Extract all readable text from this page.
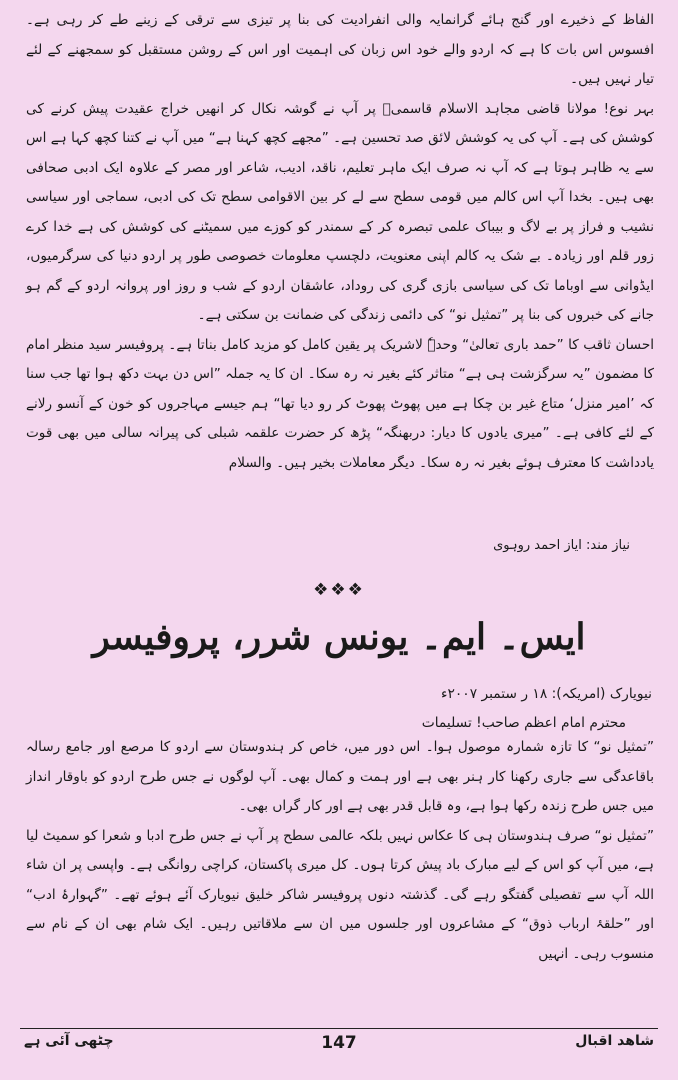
الفاظ کے ذخیرے اور گنج ہائے گرانمایہ والی انفرادیت کی بنا پر تیزی سے ترقی کے زینے طے کر رہی ہے۔ افسوس اس بات کا ہے کہ اردو والے خود اس زبان کی اہمیت اور اس کے روشن مستقبل کو سمجھنے کے لئے تیار نہیں ہیں۔

بہر نوع! مولانا قاضی مجاہد الاسلام قاسمیؒ پر آپ نے گوشہ نکال کر انھیں خراج عقیدت پیش کرنے کی کوشش کی ہے۔ آپ کی یہ کوشش لائق صد تحسین ہے۔ ”مجھے کچھ کہنا ہے“ میں آپ نے کتنا کچھ کہا ہے اس سے یہ ظاہر ہوتا ہے کہ آپ نہ صرف ایک ماہر تعلیم، ناقد، ادیب، شاعر اور مصر کے علاوہ ایک ادبی صحافی بھی ہیں۔ بخدا آپ اس کالم میں قومی سطح سے لے کر بین الاقوامی سطح تک کی ادبی، سماجی اور سیاسی نشیب و فراز پر بے لاگ و بیباک علمی تبصرہ کر کے سمندر کو کوزے میں سمیٹنے کی کوشش کی ہے خدا کرے زور قلم اور زیادہ۔ بے شک یہ کالم اپنی معنویت، دلچسپ معلومات خصوصی طور پر اردو دنیا کی سرگرمیوں، ایڈوانی سے اوباما تک کی سیاسی بازی گری کی روداد، عاشقان اردو کے شب و روز اور پروانہ اردو کے گم ہو جانے کی خبروں کی بنا پر ”تمثیل نو“ کی دائمی زندگی کی ضمانت بن سکتی ہے۔

احسان ثاقب کا ”حمد باری تعالیٰ“ وحدہٗ لاشریک پر یقین کامل کو مزید کامل بناتا ہے۔ پروفیسر سید منظر امام کا مضمون ”یہ سرگزشت ہی ہے“ متاثر کئے بغیر نہ رہ سکا۔ ان کا یہ جملہ ”اس دن بہت دکھ ہوا تھا جب سنا کہ ’امیر منزل‘ متاع غیر بن چکا ہے میں پھوٹ پھوٹ کر رو دیا تھا“ ہم جیسے مہاجروں کو خون کے آنسو رلانے کے لئے کافی ہے۔ ”میری یادوں کا دیار: دربھنگہ“ پڑھ کر حضرت علقمہ شبلی کی پیرانہ سالی میں بھی قوت یادداشت کا معترف ہوئے بغیر نہ رہ سکا۔ دیگر معاملات بخیر ہیں۔ والسلام

نیاز مند: ایاز احمد روہوی
❖❖❖
ایس۔ ایم۔ یونس شرر، پروفیسر
نیویارک (امریکہ): ۱۸ ر ستمبر ۲۰۰۷ء
محترم امام اعظم صاحب! تسلیمات

”تمثیل نو“ کا تازہ شمارہ موصول ہوا۔ اس دور میں، خاص کر ہندوستان سے اردو کا مرصع اور جامع رسالہ باقاعدگی سے جاری رکھنا کار ہنر بھی ہے اور ہمت و کمال بھی۔ آپ لوگوں نے جس طرح اردو کو باوقار انداز میں جس طرح زندہ رکھا ہوا ہے، وہ قابل قدر بھی ہے اور کار گراں بھی۔

”تمثیل نو“ صرف ہندوستان ہی کا عکاس نہیں بلکہ عالمی سطح پر آپ نے جس طرح ادبا و شعرا کو سمیٹ لیا ہے، میں آپ کو اس کے لیے مبارک باد پیش کرتا ہوں۔ کل میری پاکستان، کراچی روانگی ہے۔ واپسی پر ان شاء اللہ آپ سے تفصیلی گفتگو رہے گی۔ گذشتہ دنوں پروفیسر شاکر خلیق نیویارک آئے ہوئے تھے۔ ”گہوارۂ ادب“ اور ”حلقۂ ارباب ذوق“ کے مشاعروں اور جلسوں میں ان سے ملاقاتیں رہیں۔ ایک شام بھی ان کے نام سے منسوب رہی۔ انہیں

چٹھی آئی ہے	147	شاھد اقبال
